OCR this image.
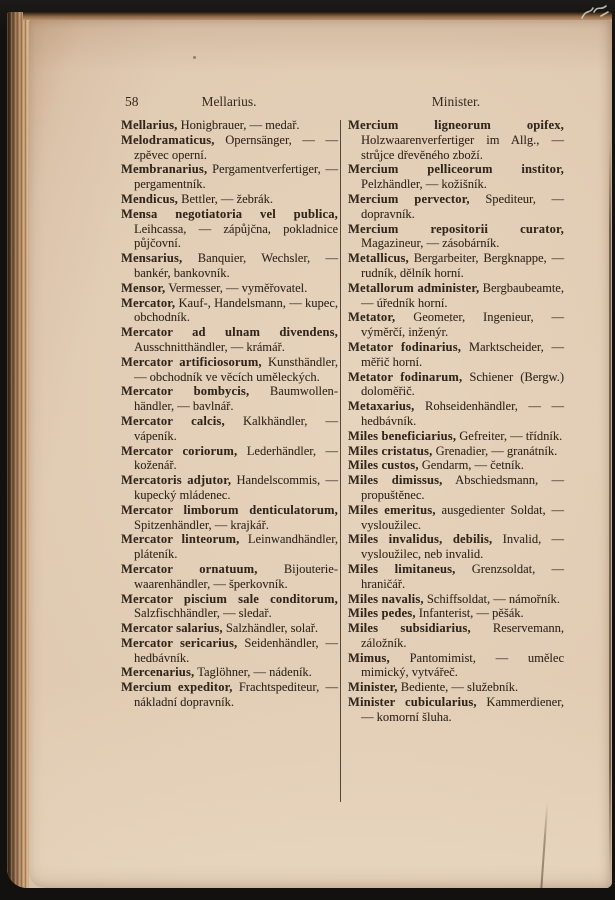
58	Mellarius.	Minister.

Mellarius, Honigbrauer, — medař.

Melodramaticus, Opernsänger, — — zpěvec operní.

Membranarius, Pergamentverfertiger, — pergamentník.

Mendicus, Bettler, — žebrák.

Mensa negotiatoria vel publica, Leihcassa, — zápůjčna, pokladnice půjčovní.

Mensarius, Banquier, Wechsler, — bankér, bankovník.

Mensor, Vermesser, — vyměřovatel.

Mercator, Kauf-, Handelsmann, — kupec, obchodník.

Mercator ad ulnam divendens, Ausschnitthändler, — krámář.

Mercator artificiosorum, Kunsthändler, — obchodník ve věcích uměleckých.

Mercator bombycis, Baumwollenhändler, — bavlnář.

Mercator calcis, Kalkhändler, — vápeník.

Mercator coriorum, Lederhändler, — koženář.

Mercatoris adjutor, Handelscommis, — kupecký mládenec.

Mercator limborum denticulatorum, Spitzenhändler, — krajkář.

Mercator linteorum, Leinwandhändler, pláteník.

Mercator ornatuum, Bijouteriewaarenhändler, — šperkovník.

Mercator piscium sale conditorum, Salzfischhändler, — sledař.

Mercator salarius, Salzhändler, solař.

Mercator sericarius, Seidenhändler, — hedbávník.

Mercenarius, Taglöhner, — nádeník.

Mercium expeditor, Frachtspediteur, — nákladní dopravník.

Mercium ligneorum opifex, Holzwaarenverfertiger im Allg., — strůjce dřevěného zboží.

Mercium pelliceorum institor, Pelzhändler, — kožišník.

Mercium pervector, Spediteur, — dopravník.

Mercium repositorii curator, Magazineur, — zásobárník.

Metallicus, Bergarbeiter, Bergknappe, — rudník, dělník horní.

Metallorum administer, Bergbaubeamte, — úředník horní.

Metator, Geometer, Ingenieur, — výměrčí, inženýr.

Metator fodinarius, Marktscheider, — měřič horní.

Metator fodinarum, Schiener (Bergw.) doloměřič.

Metaxarius, Rohseidenhändler, — — hedbávník.

Miles beneficiarius, Gefreiter, — třídník.

Miles cristatus, Grenadier, — granátník.

Miles custos, Gendarm, — četník.

Miles dimissus, Abschiedsmann, — propuštěnec.

Miles emeritus, ausgedienter Soldat, — vysloužilec.

Miles invalidus, debilis, Invalid, — vysloužilec, neb invalid.

Miles limitaneus, Grenzsoldat, — hraničář.

Miles navalis, Schiffsoldat, — námořník.

Miles pedes, Infanterist, — pěšák.

Miles subsidiarius, Reservemann, záložník.

Mimus, Pantomimist, — umělec mimický, vytvářeč.

Minister, Bediente, — služebník.

Minister cubicularius, Kammerdiener, — komorní šluha.
